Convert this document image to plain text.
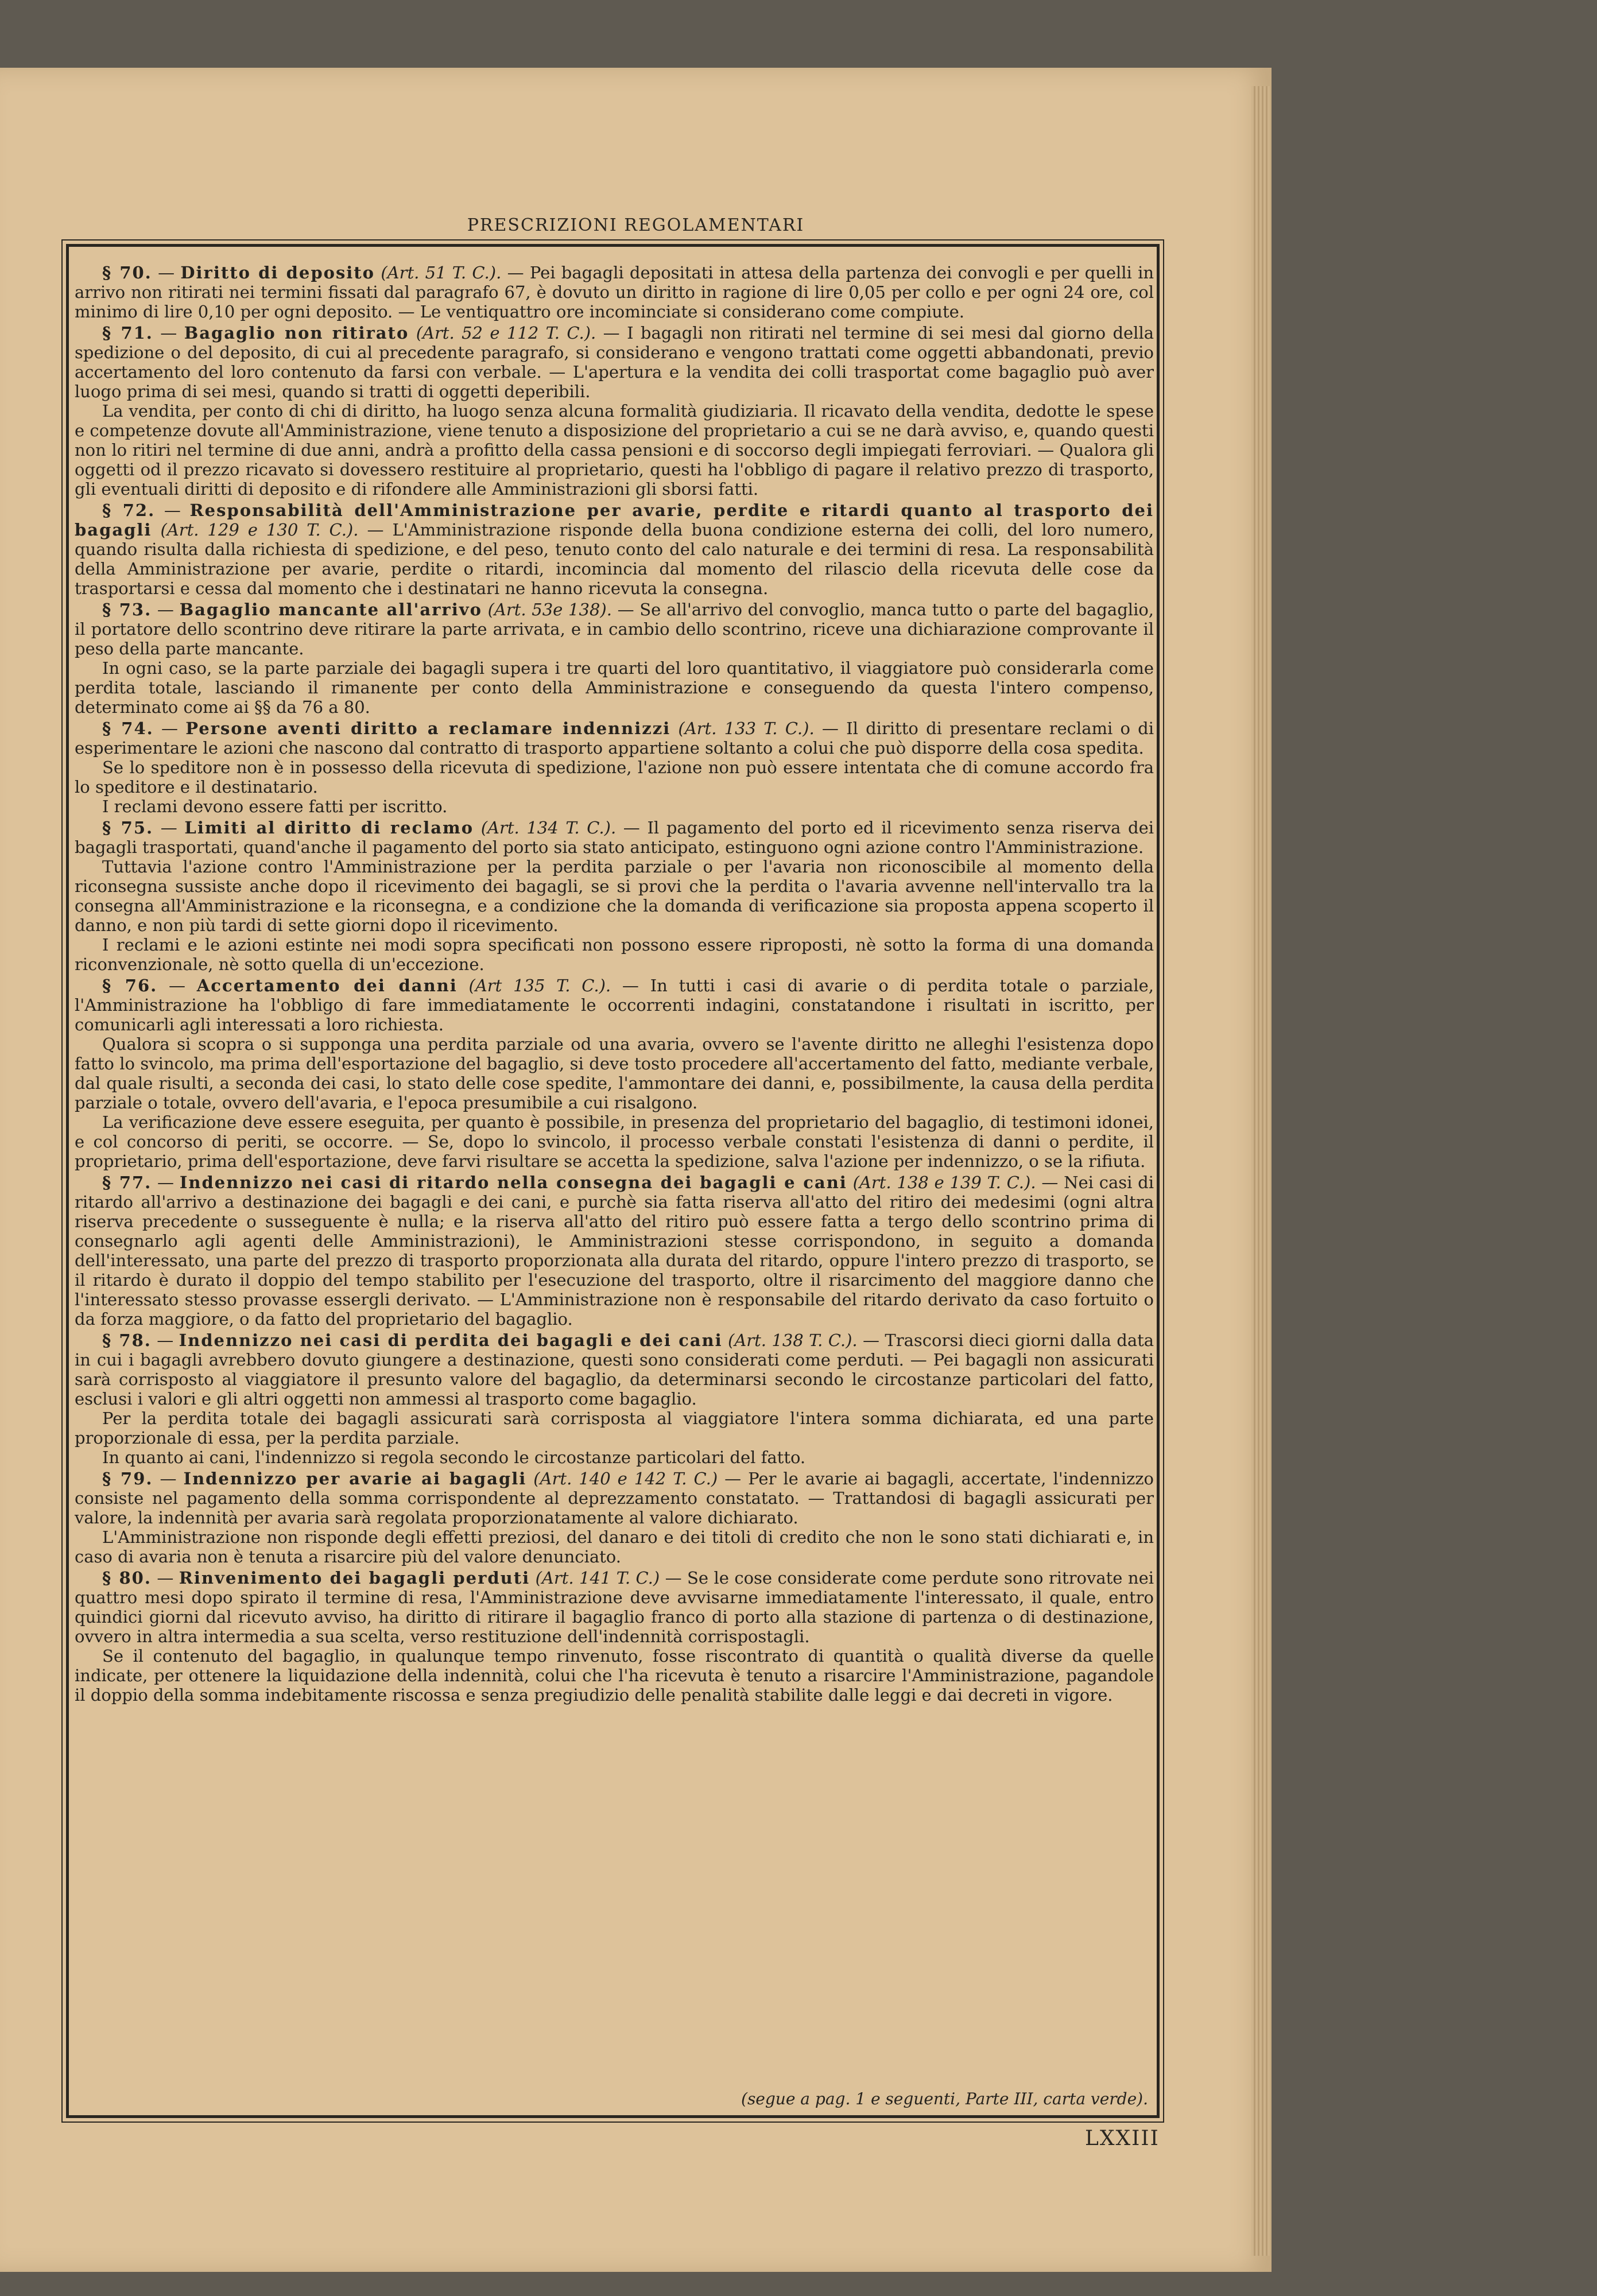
PRESCRIZIONI REGOLAMENTARI

§ 70. — Diritto di deposito (Art. 51 T. C.). — Pei bagagli depositati in attesa della partenza dei convogli e per quelli in arrivo non ritirati nei termini fissati dal paragrafo 67, è dovuto un diritto in ragione di lire 0,05 per collo e per ogni 24 ore, col minimo di lire 0,10 per ogni deposito. — Le ventiquattro ore incominciate si considerano come compiute.

§ 71. — Bagaglio non ritirato (Art. 52 e 112 T. C.). — I bagagli non ritirati nel termine di sei mesi dal giorno della spedizione o del deposito, di cui al precedente paragrafo, si considerano e vengono trattati come oggetti abbandonati, previo accertamento del loro contenuto da farsi con verbale. — L'apertura e la vendita dei colli trasportat come bagaglio può aver luogo prima di sei mesi, quando si tratti di oggetti deperibili.

La vendita, per conto di chi di diritto, ha luogo senza alcuna formalità giudiziaria. Il ricavato della vendita, dedotte le spese e competenze dovute all'Amministrazione, viene tenuto a disposizione del proprietario a cui se ne darà avviso, e, quando questi non lo ritiri nel termine di due anni, andrà a profitto della cassa pensioni e di soccorso degli impiegati ferroviari. — Qualora gli oggetti od il prezzo ricavato si dovessero restituire al proprietario, questi ha l'obbligo di pagare il relativo prezzo di trasporto, gli eventuali diritti di deposito e di rifondere alle Amministrazioni gli sborsi fatti.

§ 72. — Responsabilità dell'Amministrazione per avarie, perdite e ritardi quanto al trasporto dei bagagli (Art. 129 e 130 T. C.). — L'Amministrazione risponde della buona condizione esterna dei colli, del loro numero, quando risulta dalla richiesta di spedizione, e del peso, tenuto conto del calo naturale e dei termini di resa. La responsabilità della Amministrazione per avarie, perdite o ritardi, incomincia dal momento del rilascio della ricevuta delle cose da trasportarsi e cessa dal momento che i destinatari ne hanno ricevuta la consegna.

§ 73. — Bagaglio mancante all'arrivo (Art. 53e 138). — Se all'arrivo del convoglio, manca tutto o parte del bagaglio, il portatore dello scontrino deve ritirare la parte arrivata, e in cambio dello scontrino, riceve una dichiarazione comprovante il peso della parte mancante.

In ogni caso, se la parte parziale dei bagagli supera i tre quarti del loro quantitativo, il viaggiatore può considerarla come perdita totale, lasciando il rimanente per conto della Amministrazione e conseguendo da questa l'intero compenso, determinato come ai §§ da 76 a 80.

§ 74. — Persone aventi diritto a reclamare indennizzi (Art. 133 T. C.). — Il diritto di presentare reclami o di esperimentare le azioni che nascono dal contratto di trasporto appartiene soltanto a colui che può disporre della cosa spedita.

Se lo speditore non è in possesso della ricevuta di spedizione, l'azione non può essere intentata che di comune accordo fra lo speditore e il destinatario.

I reclami devono essere fatti per iscritto.

§ 75. — Limiti al diritto di reclamo (Art. 134 T. C.). — Il pagamento del porto ed il ricevimento senza riserva dei bagagli trasportati, quand'anche il pagamento del porto sia stato anticipato, estinguono ogni azione contro l'Amministrazione.

Tuttavia l'azione contro l'Amministrazione per la perdita parziale o per l'avaria non riconoscibile al momento della riconsegna sussiste anche dopo il ricevimento dei bagagli, se si provi che la perdita o l'avaria avvenne nell'intervallo tra la consegna all'Amministrazione e la riconsegna, e a condizione che la domanda di verificazione sia proposta appena scoperto il danno, e non più tardi di sette giorni dopo il ricevimento.

I reclami e le azioni estinte nei modi sopra specificati non possono essere riproposti, nè sotto la forma di una domanda riconvenzionale, nè sotto quella di un'eccezione.

§ 76. — Accertamento dei danni (Art 135 T. C.). — In tutti i casi di avarie o di perdita totale o parziale, l'Amministrazione ha l'obbligo di fare immediatamente le occorrenti indagini, constatandone i risultati in iscritto, per comunicarli agli interessati a loro richiesta.

Qualora si scopra o si supponga una perdita parziale od una avaria, ovvero se l'avente diritto ne alleghi l'esistenza dopo fatto lo svincolo, ma prima dell'esportazione del bagaglio, si deve tosto procedere all'accertamento del fatto, mediante verbale, dal quale risulti, a seconda dei casi, lo stato delle cose spedite, l'ammontare dei danni, e, possibilmente, la causa della perdita parziale o totale, ovvero dell'avaria, e l'epoca presumibile a cui risalgono.

La verificazione deve essere eseguita, per quanto è possibile, in presenza del proprietario del bagaglio, di testimoni idonei, e col concorso di periti, se occorre. — Se, dopo lo svincolo, il processo verbale constati l'esistenza di danni o perdite, il proprietario, prima dell'esportazione, deve farvi risultare se accetta la spedizione, salva l'azione per indennizzo, o se la rifiuta.

§ 77. — Indennizzo nei casi di ritardo nella consegna dei bagagli e cani (Art. 138 e 139 T. C.). — Nei casi di ritardo all'arrivo a destinazione dei bagagli e dei cani, e purchè sia fatta riserva all'atto del ritiro dei medesimi (ogni altra riserva precedente o susseguente è nulla; e la riserva all'atto del ritiro può essere fatta a tergo dello scontrino prima di consegnarlo agli agenti delle Amministrazioni), le Amministrazioni stesse corrispondono, in seguito a domanda dell'interessato, una parte del prezzo di trasporto proporzionata alla durata del ritardo, oppure l'intero prezzo di trasporto, se il ritardo è durato il doppio del tempo stabilito per l'esecuzione del trasporto, oltre il risarcimento del maggiore danno che l'interessato stesso provasse essergli derivato. — L'Amministrazione non è responsabile del ritardo derivato da caso fortuito o da forza maggiore, o da fatto del proprietario del bagaglio.

§ 78. — Indennizzo nei casi di perdita dei bagagli e dei cani (Art. 138 T. C.). — Trascorsi dieci giorni dalla data in cui i bagagli avrebbero dovuto giungere a destinazione, questi sono considerati come perduti. — Pei bagagli non assicurati sarà corrisposto al viaggiatore il presunto valore del bagaglio, da determinarsi secondo le circostanze particolari del fatto, esclusi i valori e gli altri oggetti non ammessi al trasporto come bagaglio.

Per la perdita totale dei bagagli assicurati sarà corrisposta al viaggiatore l'intera somma dichiarata, ed una parte proporzionale di essa, per la perdita parziale.

In quanto ai cani, l'indennizzo si regola secondo le circostanze particolari del fatto.

§ 79. — Indennizzo per avarie ai bagagli (Art. 140 e 142 T. C.) — Per le avarie ai bagagli, accertate, l'indennizzo consiste nel pagamento della somma corrispondente al deprezzamento constatato. — Trattandosi di bagagli assicurati per valore, la indennità per avaria sarà regolata proporzionatamente al valore dichiarato.

L'Amministrazione non risponde degli effetti preziosi, del danaro e dei titoli di credito che non le sono stati dichiarati e, in caso di avaria non è tenuta a risarcire più del valore denunciato.

§ 80. — Rinvenimento dei bagagli perduti (Art. 141 T. C.) — Se le cose considerate come perdute sono ritrovate nei quattro mesi dopo spirato il termine di resa, l'Amministrazione deve avvisarne immediatamente l'interessato, il quale, entro quindici giorni dal ricevuto avviso, ha diritto di ritirare il bagaglio franco di porto alla stazione di partenza o di destinazione, ovvero in altra intermedia a sua scelta, verso restituzione dell'indennità corrispostagli.

Se il contenuto del bagaglio, in qualunque tempo rinvenuto, fosse riscontrato di quantità o qualità diverse da quelle indicate, per ottenere la liquidazione della indennità, colui che l'ha ricevuta è tenuto a risarcire l'Amministrazione, pagandole il doppio della somma indebitamente riscossa e senza pregiudizio delle penalità stabilite dalle leggi e dai decreti in vigore.

(segue a pag. 1 e seguenti, Parte III, carta verde).
LXXIII
